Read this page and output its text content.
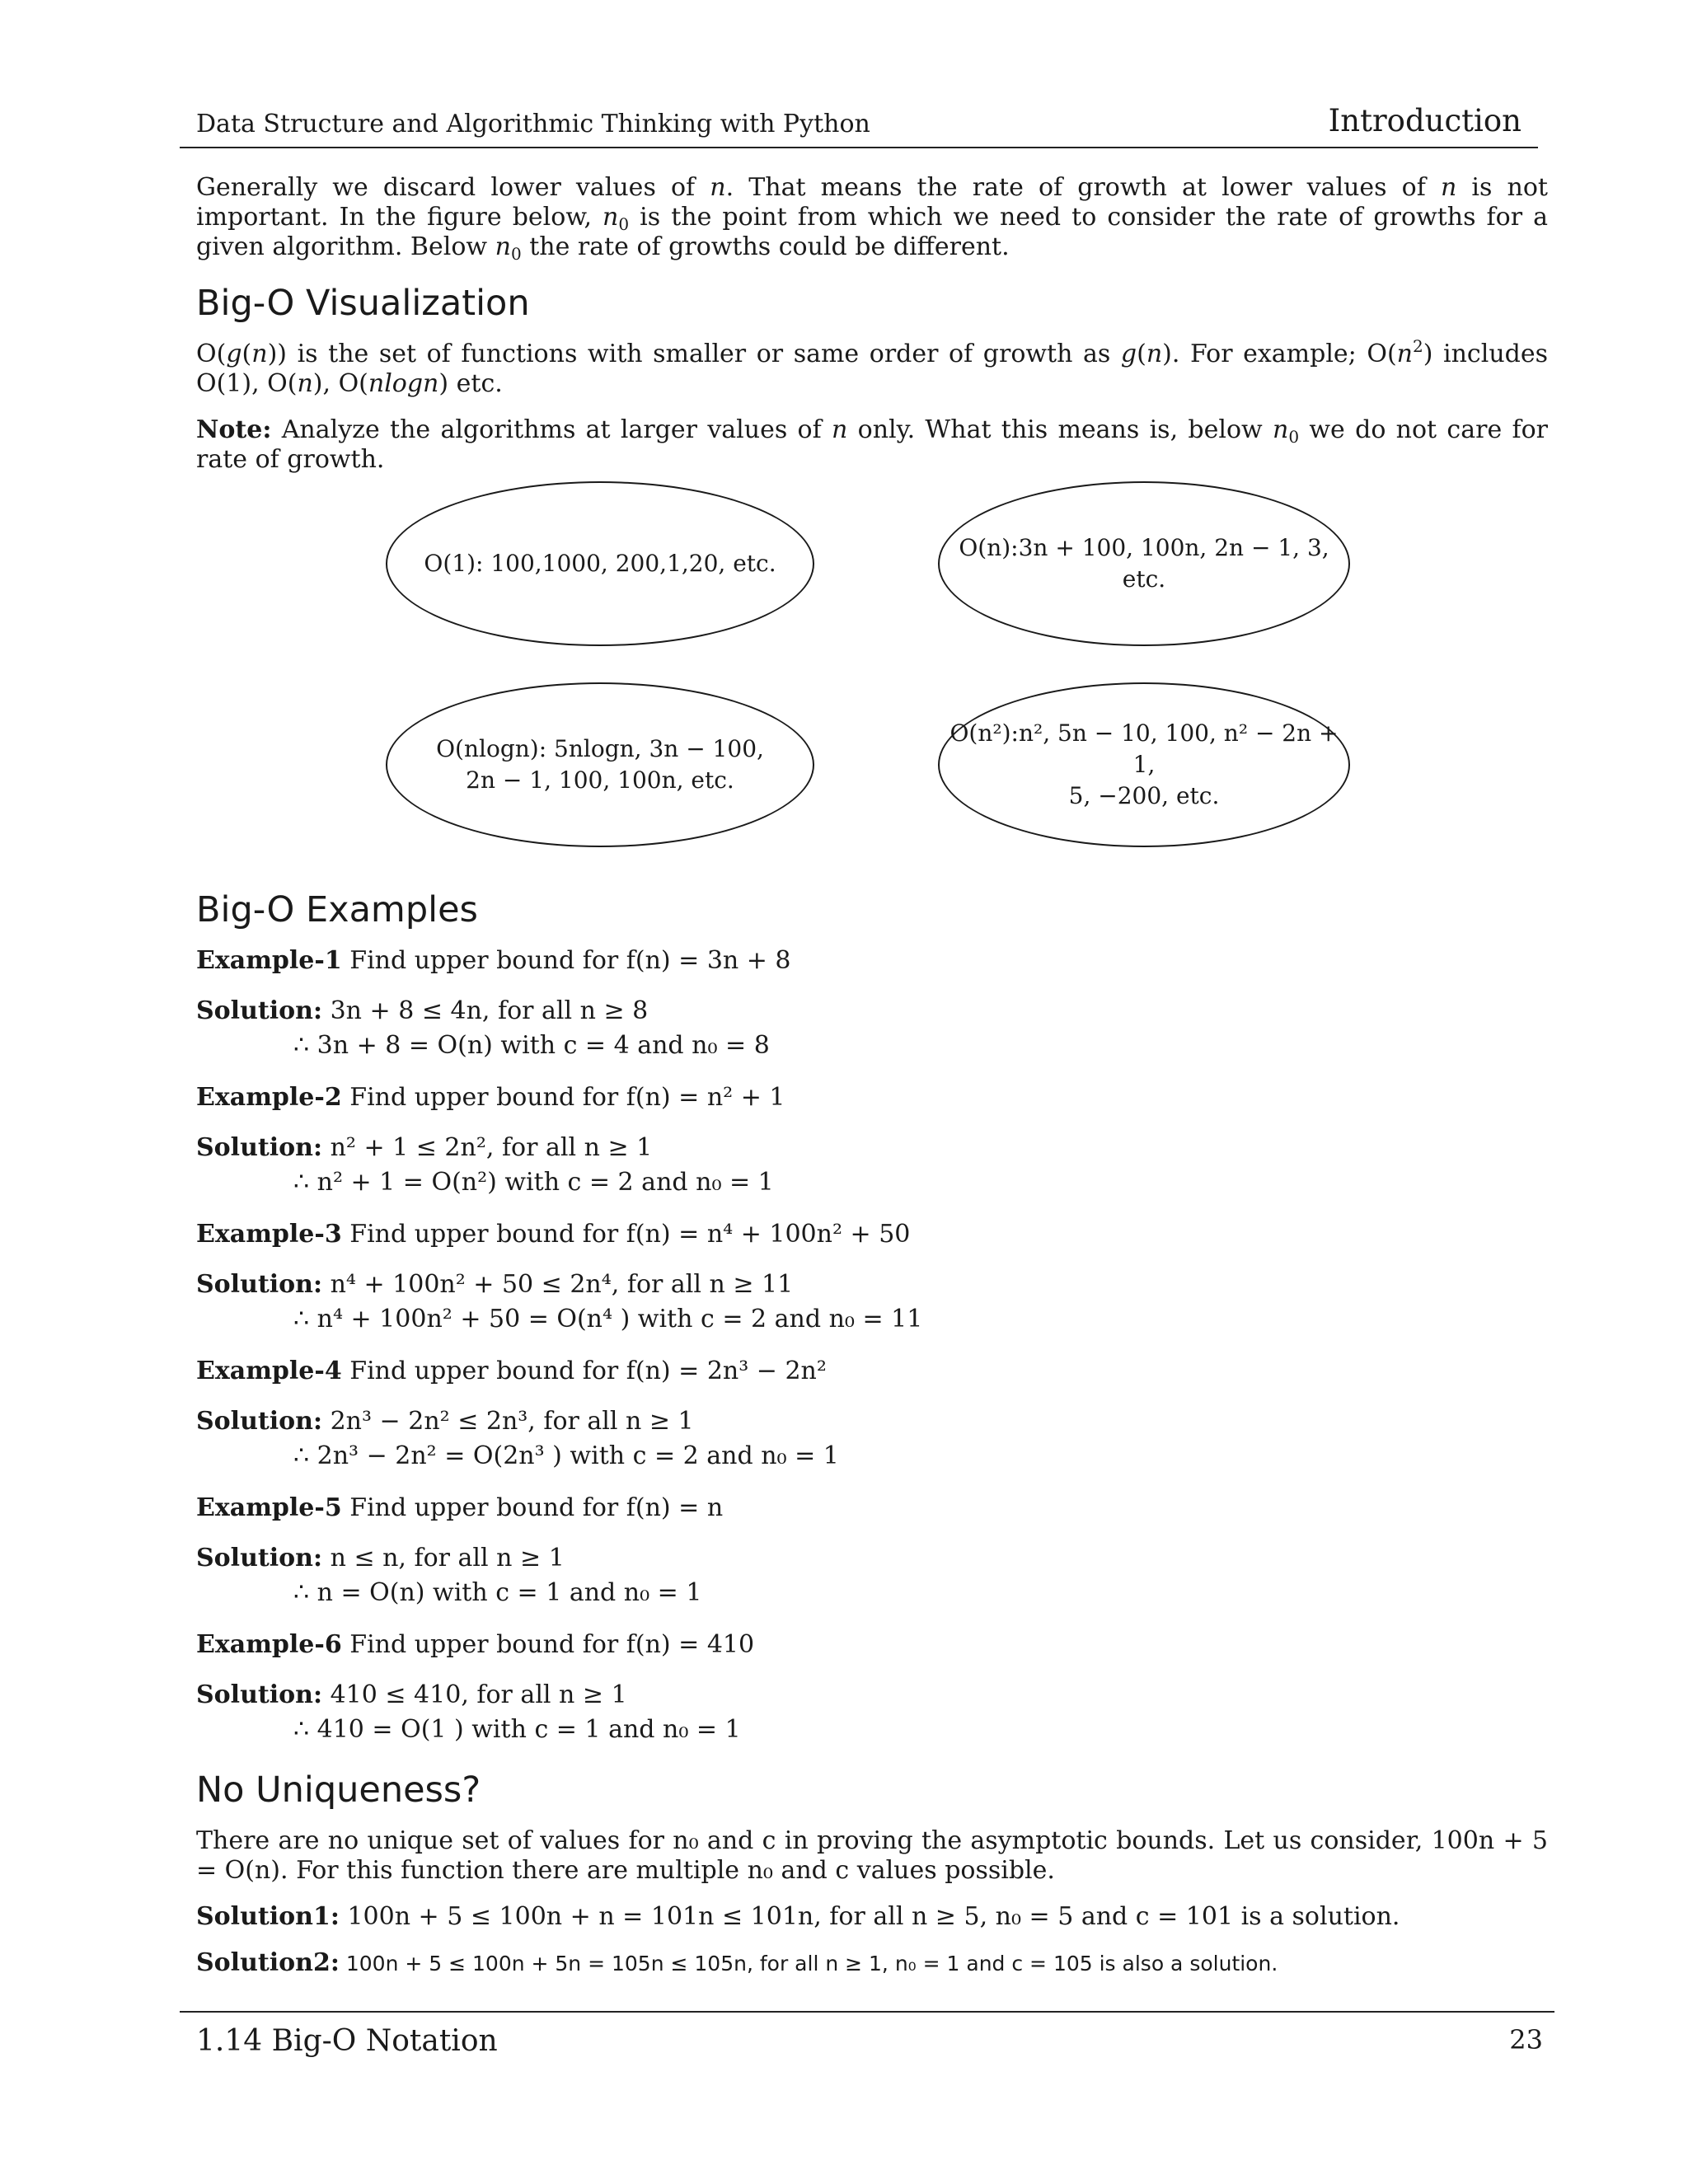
Data Structure and Algorithmic Thinking with Python	Introduction

Generally we discard lower values of n. That means the rate of growth at lower values of n is not important. In the figure below, $n_0$ is the point from which we need to consider the rate of growths for a given algorithm. Below $n_0$ the rate of growths could be different.

Big-O Visualization

O(g(n)) is the set of functions with smaller or same order of growth as g(n). For example; $O(n^2)$ includes O(1), O(n), O(nlogn) etc.

Note: Analyze the algorithms at larger values of n only. What this means is, below $n_0$ we do not care for rate of growth.

O(1): 100,1000, 200,1,20, etc.
O(n):3n + 100, 100n, 2n − 1, 3, etc.
O(nlogn): 5nlogn, 3n − 100,
2n − 1, 100, 100n, etc.
O(n²):n², 5n − 10, 100, n² − 2n + 1,
5, −200, etc.
Big-O Examples
Example-1 Find upper bound for f(n) = 3n + 8
Solution: 3n + 8 ≤ 4n, for all n ≥ 8
∴ 3n + 8 = O(n) with c = 4 and n₀ = 8
Example-2 Find upper bound for f(n) = n² + 1
Solution: n² + 1 ≤ 2n², for all n ≥ 1
∴ n² + 1 = O(n²) with c = 2 and n₀ = 1
Example-3 Find upper bound for f(n) = n⁴ + 100n² + 50
Solution: n⁴ + 100n² + 50 ≤ 2n⁴, for all n ≥ 11
∴ n⁴ + 100n² + 50 = O(n⁴ ) with c = 2 and n₀ = 11
Example-4 Find upper bound for f(n) = 2n³ − 2n²
Solution: 2n³ − 2n² ≤ 2n³, for all n ≥ 1
∴ 2n³ − 2n² = O(2n³ ) with c = 2 and n₀ = 1
Example-5 Find upper bound for f(n) = n
Solution: n ≤ n, for all n ≥ 1
∴ n = O(n) with c = 1 and n₀ = 1
Example-6 Find upper bound for f(n) = 410
Solution: 410 ≤ 410, for all n ≥ 1
∴ 410 = O(1 ) with c = 1 and n₀ = 1
No Uniqueness?

There are no unique set of values for n₀ and c in proving the asymptotic bounds. Let us consider, 100n + 5 = O(n). For this function there are multiple n₀ and c values possible.

Solution1: 100n + 5 ≤ 100n + n = 101n ≤ 101n, for all n ≥ 5, n₀ = 5 and c = 101 is a solution.

Solution2: 100n + 5 ≤ 100n + 5n = 105n ≤ 105n, for all n ≥ 1, n₀ = 1 and c = 105 is also a solution.

1.14 Big-O Notation	23
